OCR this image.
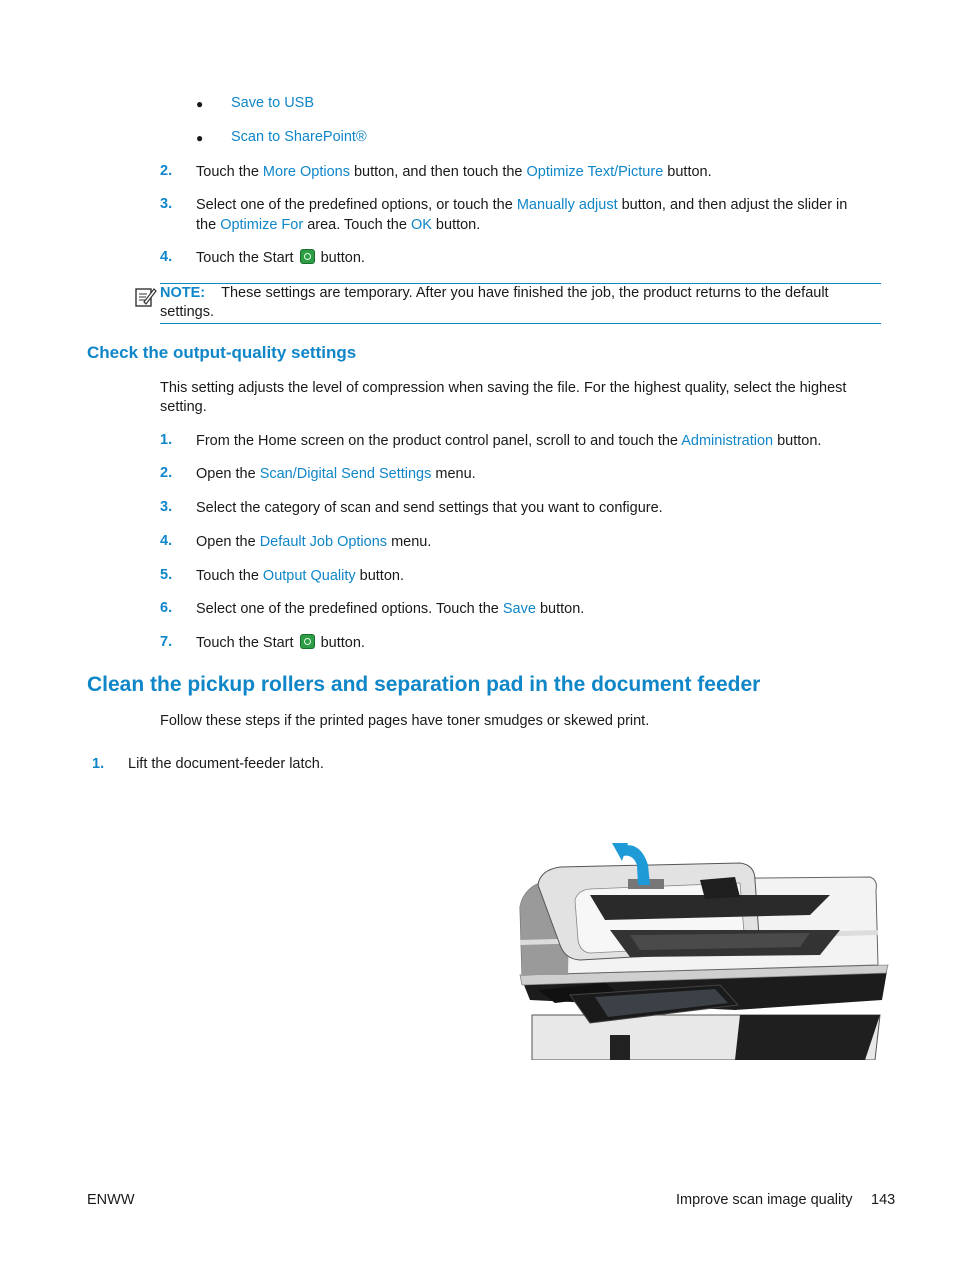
● Save to USB
● Scan to SharePoint®
2. Touch the More Options button, and then touch the Optimize Text/Picture button.
3. Select one of the predefined options, or touch the Manually adjust button, and then adjust the slider in
the Optimize For area. Touch the OK button.
4. Touch the Start  button.
NOTE: These settings are temporary. After you have finished the job, the product returns to the default
settings.
Check the output-quality settings
This setting adjusts the level of compression when saving the file. For the highest quality, select the highest
setting.
1. From the Home screen on the product control panel, scroll to and touch the Administration button.
2. Open the Scan/Digital Send Settings menu.
3. Select the category of scan and send settings that you want to configure.
4. Open the Default Job Options menu.
5. Touch the Output Quality button.
6. Select one of the predefined options. Touch the Save button.
7. Touch the Start  button.
Clean the pickup rollers and separation pad in the document feeder
Follow these steps if the printed pages have toner smudges or skewed print.
1. Lift the document-feeder latch.
ENWW	Improve scan image quality 143
